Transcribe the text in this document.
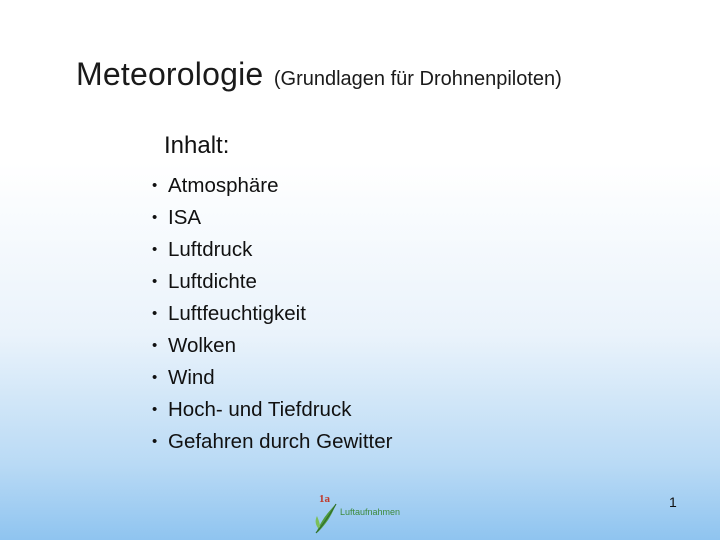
Meteorologie (Grundlagen für Drohnenpiloten)
Inhalt:
• Atmosphäre
• ISA
• Luftdruck
• Luftdichte
• Luftfeuchtigkeit
• Wolken
• Wind
• Hoch- und Tiefdruck
• Gefahren durch Gewitter
1a
Luftaufnahmen
1
